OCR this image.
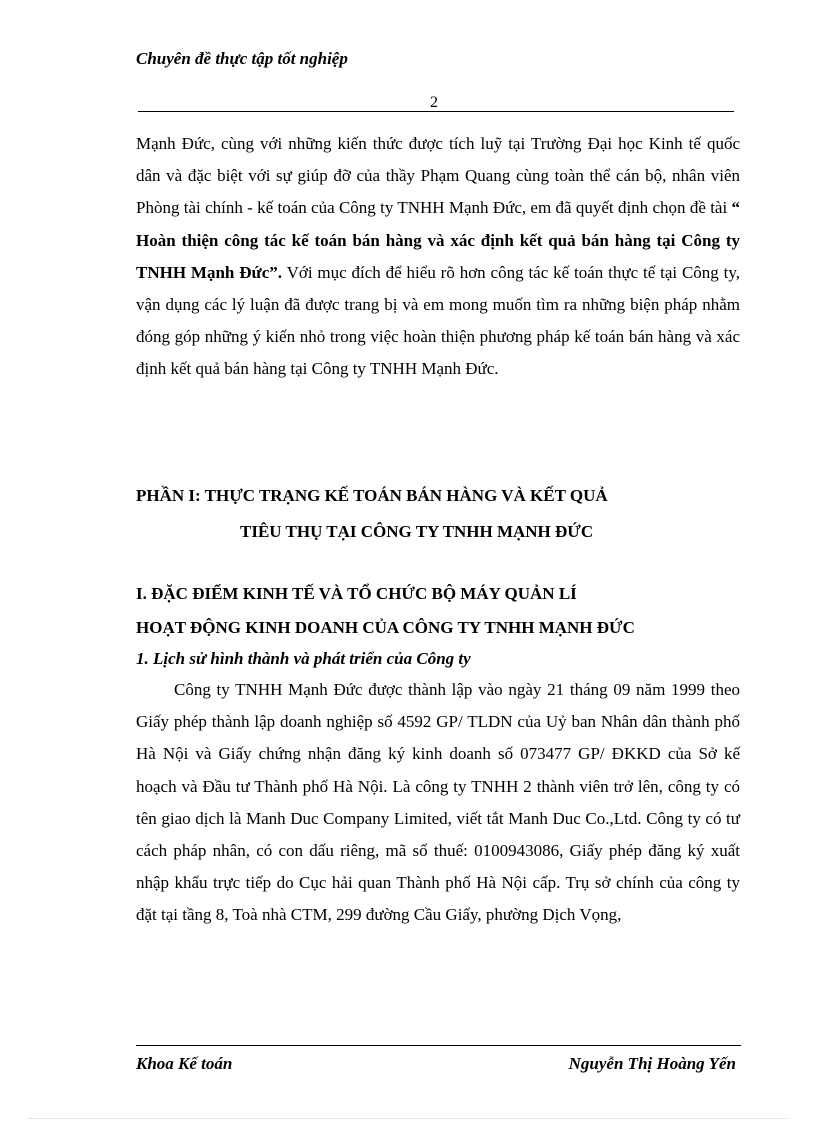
Chuyên đề thực tập tốt nghiệp
2

Mạnh Đức, cùng với những kiến thức được tích luỹ tại Trường Đại học Kinh tế quốc dân và đặc biệt với sự giúp đỡ của thầy Phạm Quang cùng toàn thể cán bộ, nhân viên Phòng tài chính - kế toán của Công ty TNHH Mạnh Đức, em đã quyết định chọn đề tài “ Hoàn thiện công tác kế toán bán hàng và xác định kết quả bán hàng tại Công ty TNHH Mạnh Đức”. Với mục đích để hiểu rõ hơn công tác kế toán thực tế tại Công ty, vận dụng các lý luận đã được trang bị và em mong muốn tìm ra những biện pháp nhằm đóng góp những ý kiến nhỏ trong việc hoàn thiện phương pháp kế toán bán hàng và xác định kết quả bán hàng tại Công ty TNHH Mạnh Đức.

PHẦN I: THỰC TRẠNG KẾ TOÁN BÁN HÀNG VÀ KẾT QUẢ
TIÊU THỤ TẠI CÔNG TY TNHH MẠNH ĐỨC
I. ĐẶC ĐIỂM KINH TẾ VÀ TỔ CHỨC BỘ MÁY QUẢN LÍ
HOẠT ĐỘNG KINH DOANH CỦA CÔNG TY TNHH MẠNH ĐỨC
1. Lịch sử hình thành và phát triển của Công ty

Công ty TNHH Mạnh Đức được thành lập vào ngày 21 tháng 09 năm 1999 theo Giấy phép thành lập doanh nghiệp số 4592 GP/ TLDN của Uỷ ban Nhân dân thành phố Hà Nội và Giấy chứng nhận đăng ký kinh doanh số 073477 GP/ ĐKKD của Sở kế hoạch và Đầu tư Thành phố Hà Nội. Là công ty TNHH 2 thành viên trở lên, công ty có tên giao dịch là Manh Duc Company Limited, viết tắt Manh Duc Co.,Ltd. Công ty có tư cách pháp nhân, có con dấu riêng, mã số thuế: 0100943086, Giấy phép đăng ký xuất nhập khẩu trực tiếp do Cục hải quan Thành phố Hà Nội cấp. Trụ sở chính của công ty đặt tại tầng 8, Toà nhà CTM, 299 đường Cầu Giấy, phường Dịch Vọng,

Khoa Kế toán	Nguyễn Thị Hoàng Yến
